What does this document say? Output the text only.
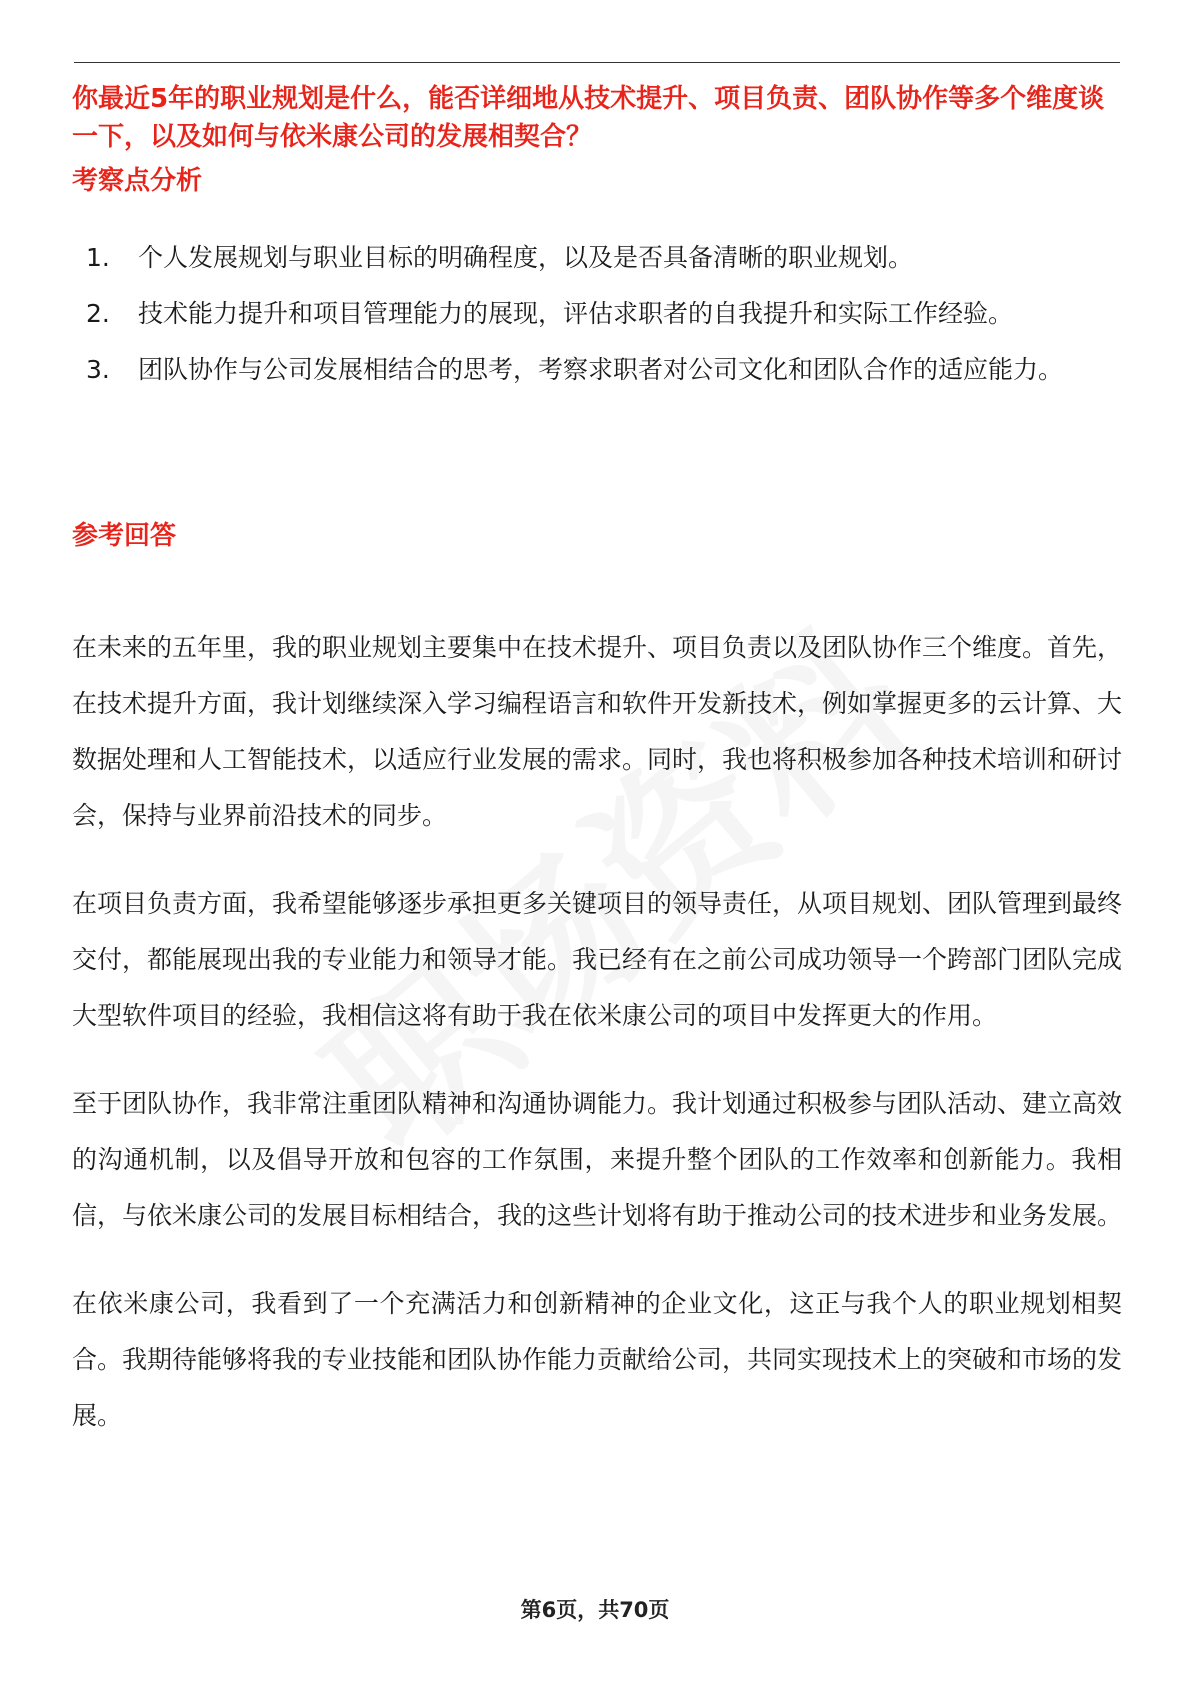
你最近5年的职业规划是什么，能否详细地从技术提升、项目负责、团队协作等多个维度谈一下，以及如何与依米康公司的发展相契合？
考察点分析
1.	个人发展规划与职业目标的明确程度，以及是否具备清晰的职业规划。
2.	技术能力提升和项目管理能力的展现，评估求职者的自我提升和实际工作经验。
3.	团队协作与公司发展相结合的思考，考察求职者对公司文化和团队合作的适应能力。
参考回答

在未来的五年里，我的职业规划主要集中在技术提升、项目负责以及团队协作三个维度。首先，在技术提升方面，我计划继续深入学习编程语言和软件开发新技术，例如掌握更多的云计算、大数据处理和人工智能技术，以适应行业发展的需求。同时，我也将积极参加各种技术培训和研讨会，保持与业界前沿技术的同步。

在项目负责方面，我希望能够逐步承担更多关键项目的领导责任，从项目规划、团队管理到最终交付，都能展现出我的专业能力和领导才能。我已经有在之前公司成功领导一个跨部门团队完成大型软件项目的经验，我相信这将有助于我在依米康公司的项目中发挥更大的作用。

至于团队协作，我非常注重团队精神和沟通协调能力。我计划通过积极参与团队活动、建立高效的沟通机制，以及倡导开放和包容的工作氛围，来提升整个团队的工作效率和创新能力。我相信，与依米康公司的发展目标相结合，我的这些计划将有助于推动公司的技术进步和业务发展。

在依米康公司，我看到了一个充满活力和创新精神的企业文化，这正与我个人的职业规划相契合。我期待能够将我的专业技能和团队协作能力贡献给公司，共同实现技术上的突破和市场的发展。

第6页，共70页
